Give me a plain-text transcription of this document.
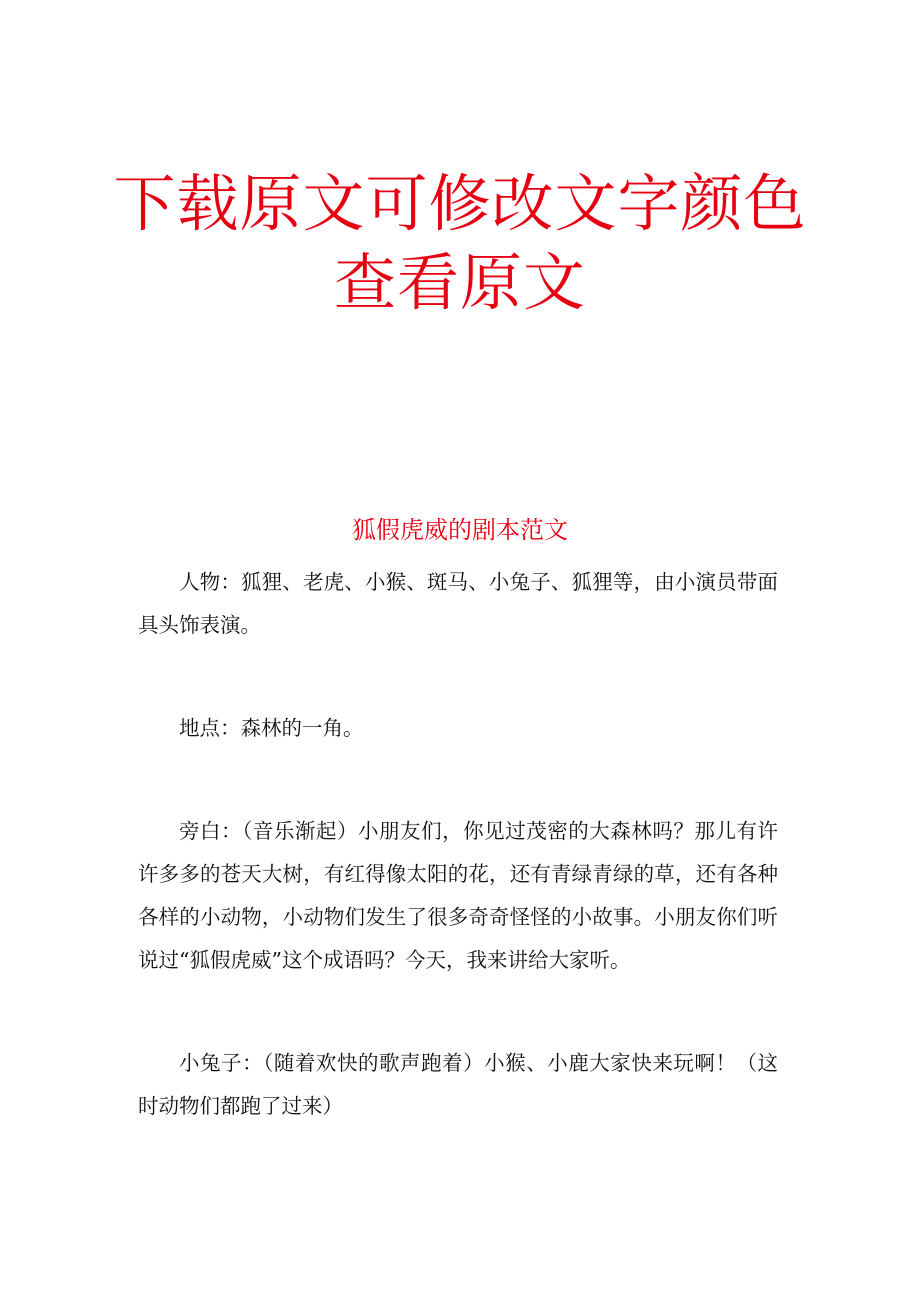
下载原文可修改文字颜色
查看原文
狐假虎威的剧本范文

人物：狐狸、老虎、小猴、斑马、小兔子、狐狸等，由小演员带面具头饰表演。

地点：森林的一角。

旁白：（音乐渐起）小朋友们，你见过茂密的大森林吗？那儿有许许多多的苍天大树，有红得像太阳的花，还有青绿青绿的草，还有各种各样的小动物，小动物们发生了很多奇奇怪怪的小故事。小朋友你们听说过“狐假虎威”这个成语吗？今天，我来讲给大家听。

小兔子：（随着欢快的歌声跑着）小猴、小鹿大家快来玩啊！（这时动物们都跑了过来）
